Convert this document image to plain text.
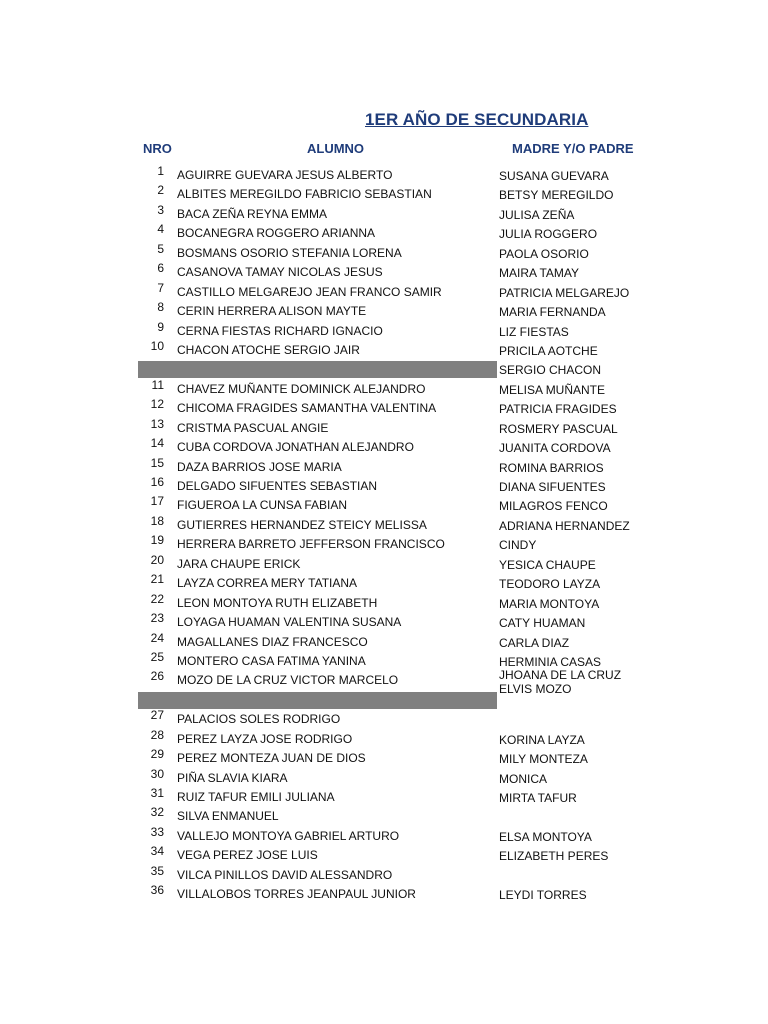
1ER AÑO DE SECUNDARIA
NRO	ALUMNO	MADRE Y/O PADRE
1 AGUIRRE GUEVARA JESUS ALBERTO	SUSANA GUEVARA
2 ALBITES MEREGILDO FABRICIO SEBASTIAN	BETSY MEREGILDO
3 BACA ZEÑA REYNA EMMA	JULISA ZEÑA
4 BOCANEGRA ROGGERO ARIANNA	JULIA ROGGERO
5 BOSMANS OSORIO STEFANIA LORENA	PAOLA OSORIO
6 CASANOVA TAMAY NICOLAS JESUS	MAIRA TAMAY
7 CASTILLO MELGAREJO JEAN FRANCO SAMIR	PATRICIA MELGAREJO
8 CERIN HERRERA ALISON MAYTE	MARIA FERNANDA
9 CERNA FIESTAS RICHARD IGNACIO	LIZ FIESTAS
10 CHACON ATOCHE SERGIO JAIR	PRICILA AOTCHE
SERGIO CHACON
11 CHAVEZ MUÑANTE DOMINICK ALEJANDRO	MELISA MUÑANTE
12 CHICOMA FRAGIDES SAMANTHA VALENTINA	PATRICIA FRAGIDES
13 CRISTMA PASCUAL ANGIE	ROSMERY PASCUAL
14 CUBA CORDOVA JONATHAN ALEJANDRO	JUANITA CORDOVA
15 DAZA BARRIOS JOSE MARIA	ROMINA BARRIOS
16 DELGADO SIFUENTES SEBASTIAN	DIANA SIFUENTES
17 FIGUEROA LA CUNSA FABIAN	MILAGROS FENCO
18 GUTIERRES HERNANDEZ STEICY MELISSA	ADRIANA HERNANDEZ
19 HERRERA BARRETO JEFFERSON FRANCISCO	CINDY
20 JARA CHAUPE ERICK	YESICA CHAUPE
21 LAYZA CORREA MERY TATIANA	TEODORO LAYZA
22 LEON MONTOYA RUTH ELIZABETH	MARIA MONTOYA
23 LOYAGA HUAMAN VALENTINA SUSANA	CATY HUAMAN
24 MAGALLANES DIAZ FRANCESCO	CARLA DIAZ
25 MONTERO CASA FATIMA YANINA	HERMINIA CASAS
26 MOZO DE LA CRUZ VICTOR MARCELO	JHOANA DE LA CRUZ
ELVIS MOZO
27 PALACIOS SOLES RODRIGO
28 PEREZ LAYZA JOSE RODRIGO	KORINA LAYZA
29 PEREZ MONTEZA JUAN DE DIOS	MILY MONTEZA
30 PIÑA SLAVIA KIARA	MONICA
31 RUIZ TAFUR EMILI JULIANA	MIRTA TAFUR
32 SILVA ENMANUEL
33 VALLEJO MONTOYA GABRIEL ARTURO	ELSA MONTOYA
34 VEGA PEREZ JOSE LUIS	ELIZABETH PERES
35 VILCA PINILLOS DAVID ALESSANDRO
36 VILLALOBOS TORRES JEANPAUL JUNIOR	LEYDI TORRES
